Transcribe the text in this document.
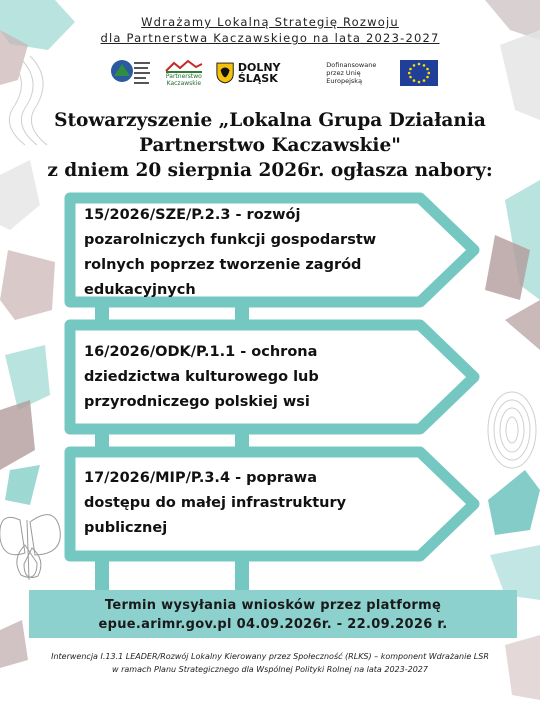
Wdrażamy Lokalną Strategię Rozwoju
dla Partnerstwa Kaczawskiego na lata 2023-2027
Partnerstwo Kaczawskie
DOLNY ŚLĄSK
Dofinansowane przez Unię Europejską
Stowarzyszenie „Lokalna Grupa Działania
Partnerstwo Kaczawskie"
z dniem 20 sierpnia 2026r. ogłasza nabory:
15/2026/SZE/P.2.3 - rozwój
pozarolniczych funkcji gospodarstw
rolnych poprzez tworzenie zagród
edukacyjnych
16/2026/ODK/P.1.1 - ochrona
dziedzictwa kulturowego lub
przyrodniczego polskiej wsi
17/2026/MIP/P.3.4 - poprawa
dostępu do małej infrastruktury
publicznej
Termin wysyłania wniosków przez platformę
epue.arimr.gov.pl 04.09.2026r. - 22.09.2026 r.
Interwencja I.13.1 LEADER/Rozwój Lokalny Kierowany przez Społeczność (RLKS) – komponent Wdrażanie LSR
w ramach Planu Strategicznego dla Wspólnej Polityki Rolnej na lata 2023-2027
